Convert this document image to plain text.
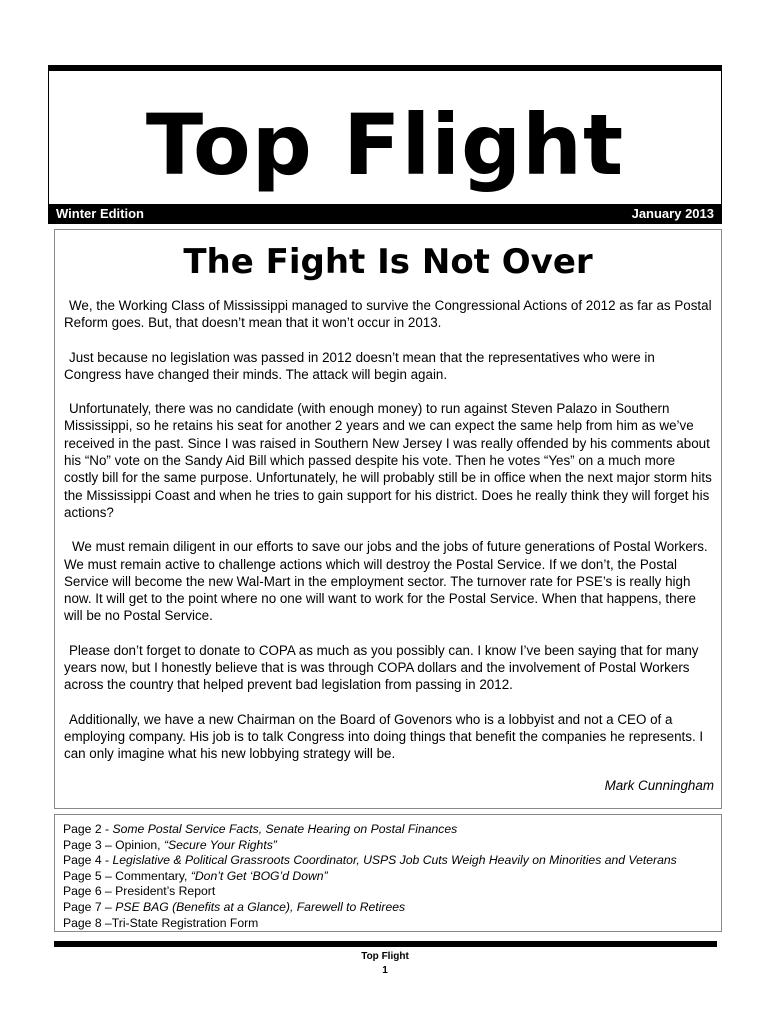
Top Flight
Winter Edition	January 2013
The Fight Is Not Over

We, the Working Class of Mississippi managed to survive the Congressional Actions of 2012 as far as Postal Reform goes. But, that doesn’t mean that it won’t occur in 2013.

Just because no legislation was passed in 2012 doesn’t mean that the representatives who were in Congress have changed their minds. The attack will begin again.

Unfortunately, there was no candidate (with enough money) to run against Steven Palazo in Southern Mississippi, so he retains his seat for another 2 years and we can expect the same help from him as we’ve received in the past. Since I was raised in Southern New Jersey I was really offended by his comments about his “No” vote on the Sandy Aid Bill which passed despite his vote. Then he votes “Yes” on a much more costly bill for the same purpose. Unfortunately, he will probably still be in office when the next major storm hits the Mississippi Coast and when he tries to gain support for his district. Does he really think they will forget his actions?

We must remain diligent in our efforts to save our jobs and the jobs of future generations of Postal Workers. We must remain active to challenge actions which will destroy the Postal Service. If we don’t, the Postal Service will become the new Wal-Mart in the employment sector. The turnover rate for PSE’s is really high now. It will get to the point where no one will want to work for the Postal Service. When that happens, there will be no Postal Service.

Please don’t forget to donate to COPA as much as you possibly can. I know I’ve been saying that for many years now, but I honestly believe that is was through COPA dollars and the involvement of Postal Workers across the country that helped prevent bad legislation from passing in 2012.

Additionally, we have a new Chairman on the Board of Govenors who is a lobbyist and not a CEO of a employing company. His job is to talk Congress into doing things that benefit the companies he represents. I can only imagine what his new lobbying strategy will be.

Mark Cunningham
Page 2 - Some Postal Service Facts, Senate Hearing on Postal Finances
Page 3 – Opinion, “Secure Your Rights”
Page 4 - Legislative & Political Grassroots Coordinator, USPS Job Cuts Weigh Heavily on Minorities and Veterans
Page 5 – Commentary, “Don’t Get ‘BOG’d Down”
Page 6 – President’s Report
Page 7 – PSE BAG (Benefits at a Glance), Farewell to Retirees
Page 8 –Tri-State Registration Form
Top Flight
1
